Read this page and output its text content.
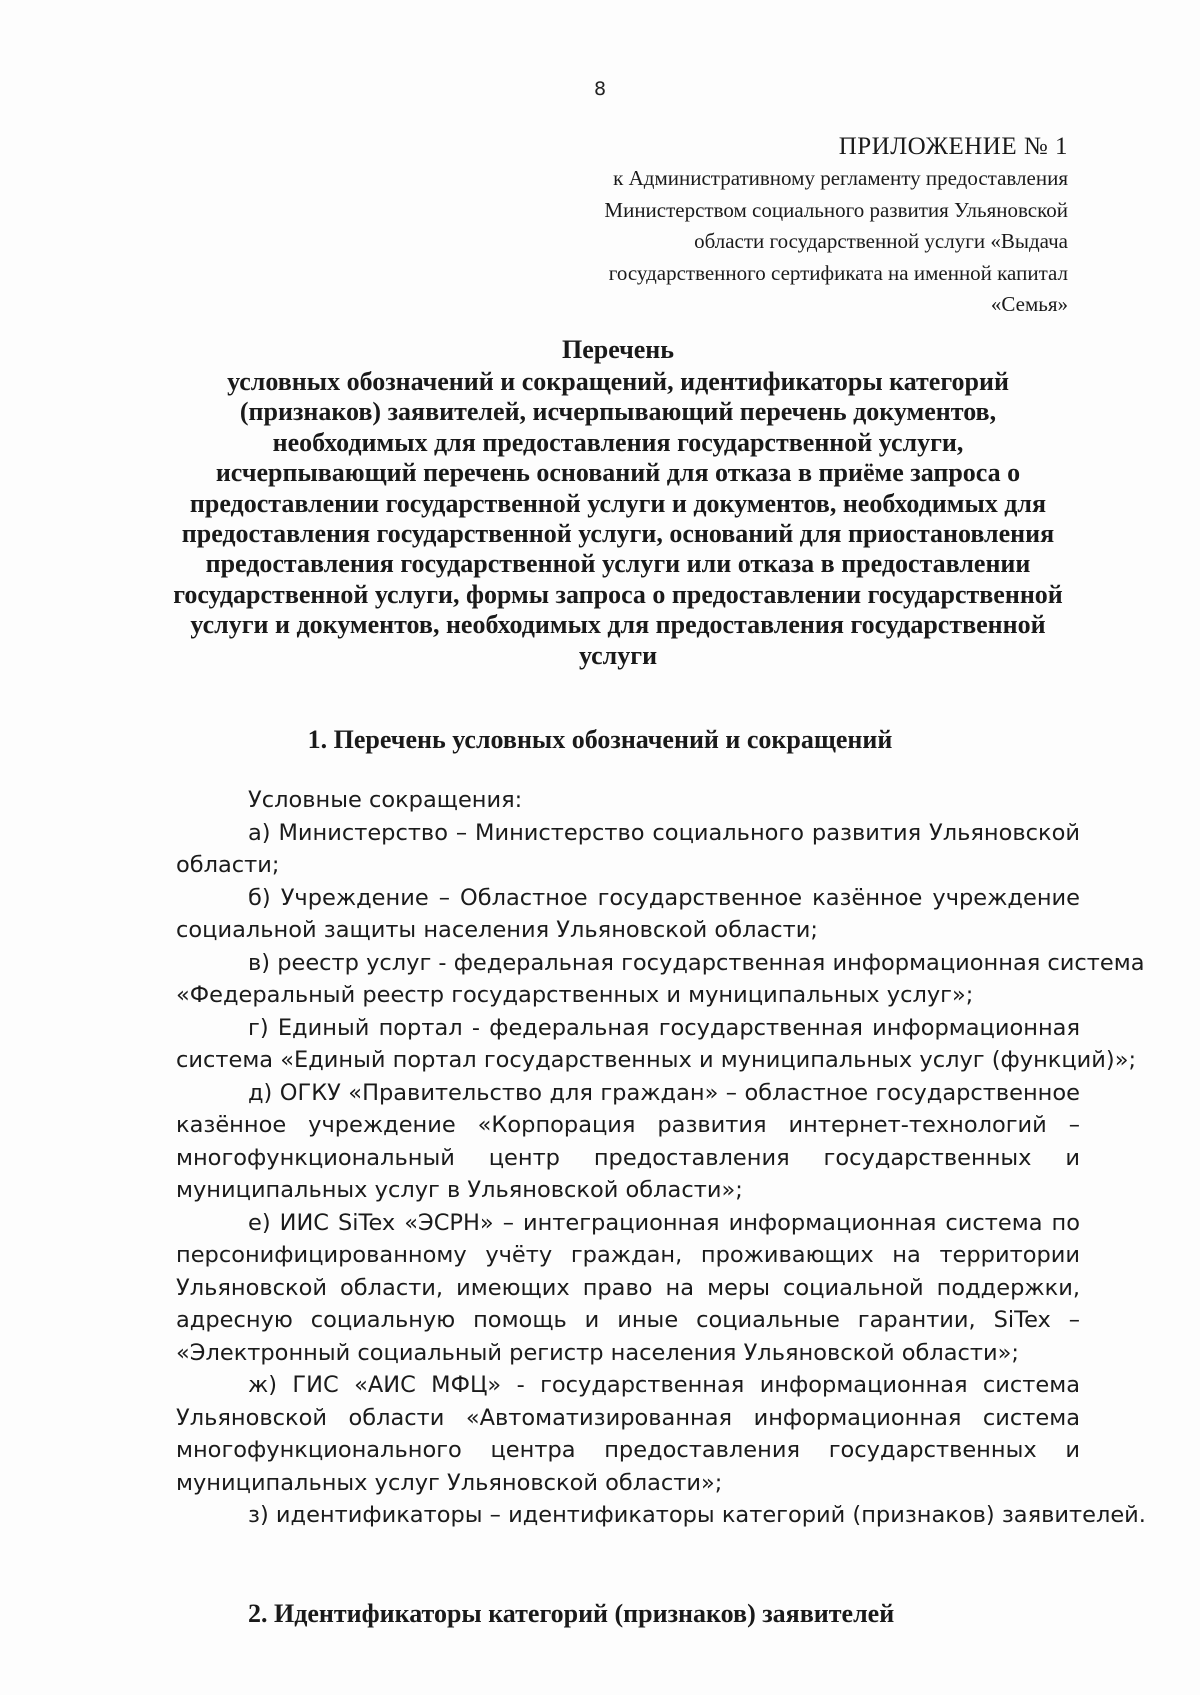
8
ПРИЛОЖЕНИЕ № 1
к Административному регламенту предоставления
Министерством социального развития Ульяновской
области государственной услуги «Выдача
государственного сертификата на именной капитал
«Семья»
Перечень
условных обозначений и сокращений, идентификаторы категорий
(признаков) заявителей, исчерпывающий перечень документов,
необходимых для предоставления государственной услуги,
исчерпывающий перечень оснований для отказа в приёме запроса о
предоставлении государственной услуги и документов, необходимых для
предоставления государственной услуги, оснований для приостановления
предоставления государственной услуги или отказа в предоставлении
государственной услуги, формы запроса о предоставлении государственной
услуги и документов, необходимых для предоставления государственной
услуги
1. Перечень условных обозначений и сокращений
Условные сокращения:
а) Министерство – Министерство социального развития Ульяновской
области;
б) Учреждение – Областное государственное казённое учреждение
социальной защиты населения Ульяновской области;
в) реестр услуг - федеральная государственная информационная система
«Федеральный реестр государственных и муниципальных услуг»;
г) Единый портал - федеральная государственная информационная
система «Единый портал государственных и муниципальных услуг (функций)»;
д) ОГКУ «Правительство для граждан» – областное государственное
казённое учреждение «Корпорация развития интернет-технологий –
многофункциональный центр предоставления государственных и
муниципальных услуг в Ульяновской области»;
е) ИИС SiTex «ЭСРН» – интеграционная информационная система по
персонифицированному учёту граждан, проживающих на территории
Ульяновской области, имеющих право на меры социальной поддержки,
адресную социальную помощь и иные социальные гарантии, SiTex –
«Электронный социальный регистр населения Ульяновской области»;
ж) ГИС «АИС МФЦ» - государственная информационная система
Ульяновской области «Автоматизированная информационная система
многофункционального центра предоставления государственных и
муниципальных услуг Ульяновской области»;
з) идентификаторы – идентификаторы категорий (признаков) заявителей.
2. Идентификаторы категорий (признаков) заявителей
